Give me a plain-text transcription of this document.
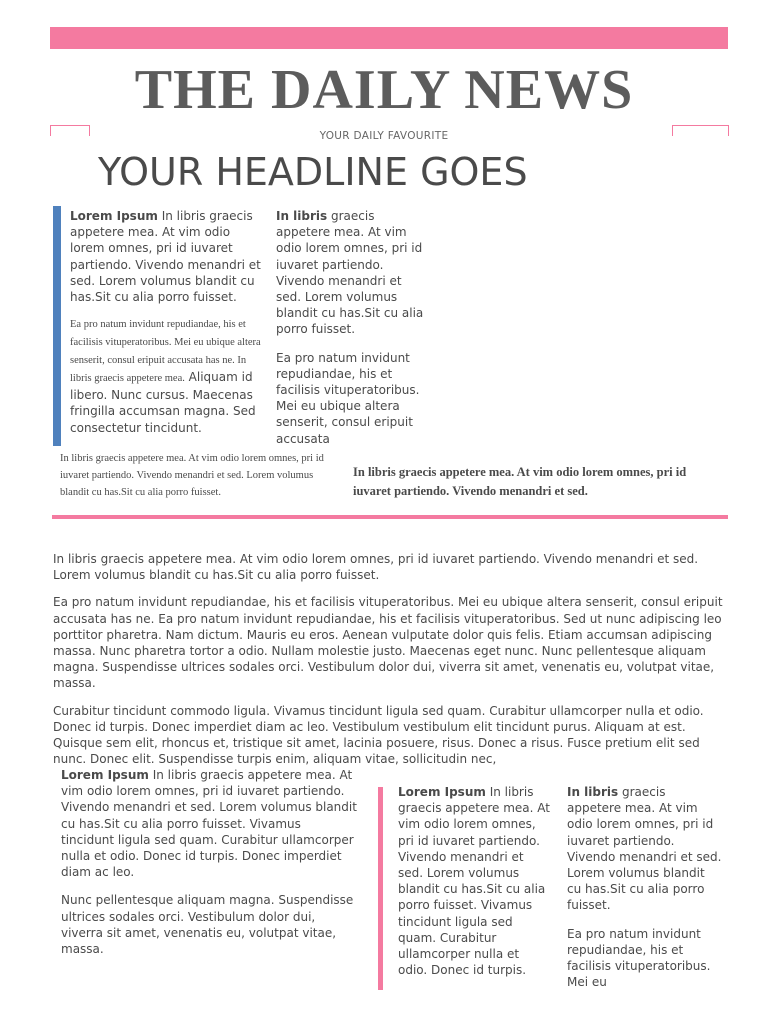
THE DAILY NEWS
YOUR DAILY FAVOURITE
YOUR HEADLINE GOES

Lorem Ipsum In libris graecis appetere mea. At vim odio lorem omnes, pri id iuvaret partiendo. Vivendo menandri et sed. Lorem volumus blandit cu has.Sit cu alia porro fuisset.

Ea pro natum invidunt repudiandae, his et facilisis vituperatoribus. Mei eu ubique altera senserit, consul eripuit accusata has ne. In libris graecis appetere mea. Aliquam id libero. Nunc cursus. Maecenas fringilla accumsan magna. Sed consectetur tincidunt.

In libris graecis appetere mea. At vim odio lorem omnes, pri id iuvaret partiendo. Vivendo menandri et sed. Lorem volumus blandit cu has.Sit cu alia porro fuisset.

Ea pro natum invidunt repudiandae, his et facilisis vituperatoribus. Mei eu ubique altera senserit, consul eripuit accusata

In libris graecis appetere mea. At vim odio lorem omnes, pri id iuvaret partiendo. Vivendo menandri et sed. Lorem volumus blandit cu has.Sit cu alia porro fuisset.
In libris graecis appetere mea. At vim odio lorem omnes, pri id iuvaret partiendo. Vivendo menandri et sed.

In libris graecis appetere mea. At vim odio lorem omnes, pri id iuvaret partiendo. Vivendo menandri et sed. Lorem volumus blandit cu has.Sit cu alia porro fuisset.

Ea pro natum invidunt repudiandae, his et facilisis vituperatoribus. Mei eu ubique altera senserit, consul eripuit accusata has ne. Ea pro natum invidunt repudiandae, his et facilisis vituperatoribus. Sed ut nunc adipiscing leo porttitor pharetra. Nam dictum. Mauris eu eros. Aenean vulputate dolor quis felis. Etiam accumsan adipiscing massa. Nunc pharetra tortor a odio. Nullam molestie justo. Maecenas eget nunc. Nunc pellentesque aliquam magna. Suspendisse ultrices sodales orci. Vestibulum dolor dui, viverra sit amet, venenatis eu, volutpat vitae, massa.

Curabitur tincidunt commodo ligula. Vivamus tincidunt ligula sed quam. Curabitur ullamcorper nulla et odio. Donec id turpis. Donec imperdiet diam ac leo. Vestibulum vestibulum elit tincidunt purus. Aliquam at est. Quisque sem elit, rhoncus et, tristique sit amet, lacinia posuere, risus. Donec a risus. Fusce pretium elit sed nunc. Donec elit. Suspendisse turpis enim, aliquam vitae, sollicitudin nec,

Lorem Ipsum In libris graecis appetere mea. At vim odio lorem omnes, pri id iuvaret partiendo. Vivendo menandri et sed. Lorem volumus blandit cu has.Sit cu alia porro fuisset. Vivamus tincidunt ligula sed quam. Curabitur ullamcorper nulla et odio. Donec id turpis. Donec imperdiet diam ac leo.

Nunc pellentesque aliquam magna. Suspendisse ultrices sodales orci. Vestibulum dolor dui, viverra sit amet, venenatis eu, volutpat vitae, massa.

Lorem Ipsum In libris graecis appetere mea. At vim odio lorem omnes, pri id iuvaret partiendo. Vivendo menandri et sed. Lorem volumus blandit cu has.Sit cu alia porro fuisset. Vivamus tincidunt ligula sed quam. Curabitur ullamcorper nulla et odio. Donec id turpis.

In libris graecis appetere mea. At vim odio lorem omnes, pri id iuvaret partiendo. Vivendo menandri et sed. Lorem volumus blandit cu has.Sit cu alia porro fuisset.

Ea pro natum invidunt repudiandae, his et facilisis vituperatoribus. Mei eu
